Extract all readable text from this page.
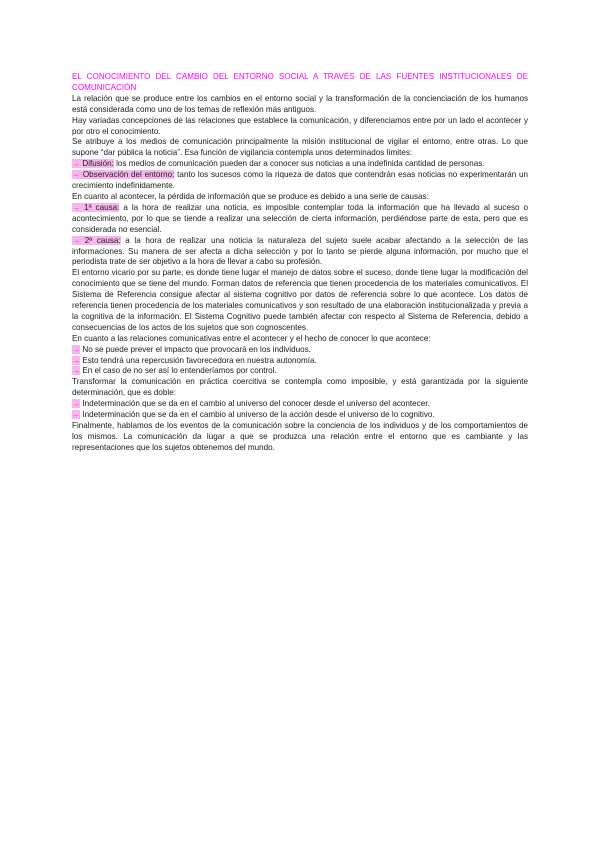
EL CONOCIMIENTO DEL CAMBIO DEL ENTORNO SOCIAL A TRAVÉS DE LAS FUENTES INSTITUCIONALES DE COMUNICACIÓN

La relación que se produce entre los cambios en el entorno social y la transformación de la concienciación de los humanos está considerada como uno de los temas de reflexión más antiguos.

Hay variadas concepciones de las relaciones que establece la comunicación, y diferenciamos entre por un lado el acontecer y por otro el conocimiento.

Se atribuye a los medios de comunicación principalmente la misión institucional de vigilar el entorno, entre otras. Lo que supone “dar pública la noticia”. Esa función de vigilancia contempla unos determinados límites:

→ Difusión: los medios de comunicación pueden dar a conocer sus noticias a una indefinida cantidad de personas.

→ Observación del entorno: tanto los sucesos como la riqueza de datos que contendrán esas noticias no experimentarán un crecimiento indefinidamente.

En cuanto al acontecer, la pérdida de información que se produce es debido a una serie de causas:

→ 1ª causa: a la hora de realizar una noticia, es imposible contemplar toda la información que ha llevado al suceso o acontecimiento, por lo que se tiende a realizar una selección de cierta información, perdiéndose parte de esta, pero que es considerada no esencial.

→ 2ª causa: a la hora de realizar una noticia la naturaleza del sujeto suele acabar afectando a la selección de las informaciones. Su manera de ser afecta a dicha selección y por lo tanto se pierde alguna información, por mucho que el periodista trate de ser objetivo a la hora de llevar a cabo su profesión.

El entorno vicario por su parte, es donde tiene lugar el manejo de datos sobre el suceso, donde tiene lugar la modificación del conocimiento que se tiene del mundo. Forman datos de referencia que tienen procedencia de los materiales comunicativos. El Sistema de Referencia consigue afectar al sistema cognitivo por datos de referencia sobre lo que acontece. Los datos de referencia tienen procedencia de los materiales comunicativos y son resultado de una elaboración institucionalizada y previa a la cognitiva de la información. El Sistema Cognitivo puede también afectar con respecto al Sistema de Referencia, debido a consecuencias de los actos de los sujetos que son cognoscentes.

En cuanto a las relaciones comunicativas entre el acontecer y el hecho de conocer lo que acontece:

→ No se puede prever el impacto que provocará en los individuos.

→ Esto tendrá una repercusión favorecedora en nuestra autonomía.

→ En el caso de no ser así lo entenderíamos por control.

Transformar la comunicación en práctica coercitiva se contempla como imposible, y está garantizada por la siguiente determinación, que es doble:

→ Indeterminación que se da en el cambio al universo del conocer desde el universo del acontecer.

→ Indeterminación que se da en el cambio al universo de la acción desde el universo de lo cognitivo.

Finalmente, hablamos de los eventos de la comunicación sobre la conciencia de los individuos y de los comportamientos de los mismos. La comunicación da lugar a que se produzca una relación entre el entorno que es cambiante y las representaciones que los sujetos obtenemos del mundo.
